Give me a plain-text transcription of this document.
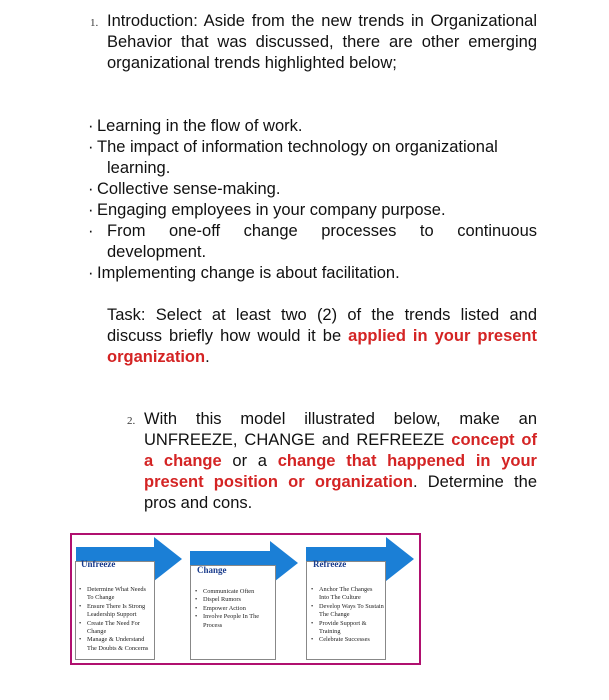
1. Introduction: Aside from the new trends in Organizational Behavior that was discussed, there are other emerging organizational trends highlighted below;
· Learning in the flow of work.
· The impact of information technology on organizational
learning.
· Collective sense-making.
· Engaging employees in your company purpose.
· From one-off change processes to continuous
development.
· Implementing change is about facilitation.
Task: Select at least two (2) of the trends listed and discuss briefly how would it be applied in your present organization.
2. With this model illustrated below, make an UNFREEZE, CHANGE and REFREEZE concept of a change or a change that happened in your present position or organization. Determine the pros and cons.
Unfreeze
• Determine What Needs To Change
• Ensure There Is Strong Leadership Support
• Create The Need For Change
• Manage & Understand The Doubts & Concerns
Change
• Communicate Often
• Dispel Rumors
• Empower Action
• Involve People In The Process
Refreeze
• Anchor The Changes Into The Culture
• Develop Ways To Sustain The Change
• Provide Support & Training
• Celebrate Successes
